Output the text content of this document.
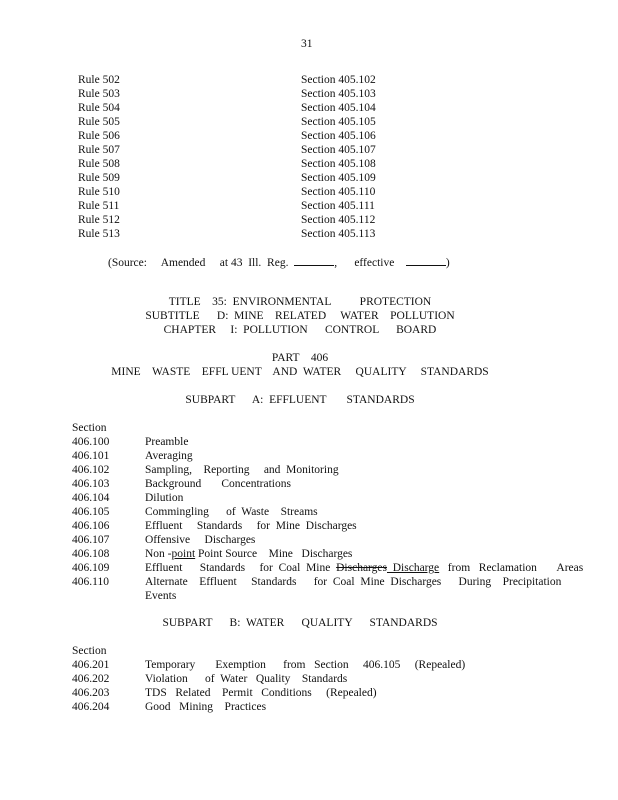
31
Rule 502	Section 405.102
Rule 503	Section 405.103
Rule 504	Section 405.104
Rule 505	Section 405.105
Rule 506	Section 405.106
Rule 507	Section 405.107
Rule 508	Section 405.108
Rule 509	Section 405.109
Rule 510	Section 405.110
Rule 511	Section 405.111
Rule 512	Section 405.112
Rule 513	Section 405.113
(Source:     Amended     at 43  Ill.  Reg.	,      effective	)
TITLE    35:  ENVIRONMENTAL          PROTECTION
SUBTITLE      D:  MINE    RELATED     WATER    POLLUTION
CHAPTER     I:  POLLUTION      CONTROL      BOARD
PART    406
MINE    WASTE    EFFL UENT    AND  WATER     QUALITY     STANDARDS
SUBPART      A:  EFFLUENT       STANDARDS
Section
406.100	Preamble
406.101	Averaging
406.102	Sampling,    Reporting     and  Monitoring
406.103	Background       Concentrations
406.104	Dilution
406.105	Commingling      of  Waste    Streams
406.106	Effluent     Standards     for  Mine  Discharges
406.107	Offensive     Discharges
406.108	Non -point Point Source    Mine   Discharges
406.109	Effluent      Standards     for  Coal  Mine  Discharges  Discharge   from   Reclamation       Areas
406.110	Alternate    Effluent     Standards      for  Coal  Mine  Discharges      During    Precipitation
Events
SUBPART      B:  WATER      QUALITY      STANDARDS
Section
406.201	Temporary       Exemption      from   Section     406.105     (Repealed)
406.202	Violation      of  Water   Quality    Standards
406.203	TDS   Related    Permit   Conditions     (Repealed)
406.204	Good   Mining    Practices
